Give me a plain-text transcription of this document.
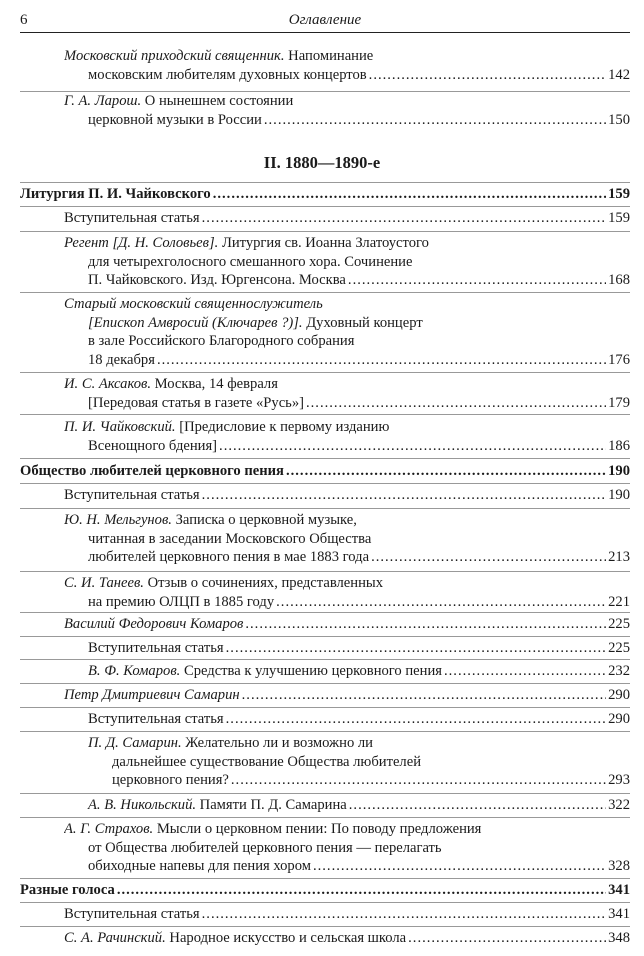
6	Оглавление
Московский приходский священник. Напоминание
московским любителям духовных концертов .....	142
Г. А. Ларош. О нынешнем состоянии
церковной музыки в России .....	150
II. 1880—1890-е
Литургия П. И. Чайковского .....	159
Вступительная статья .....	159
Регент [Д. Н. Соловьев]. Литургия св. Иоанна Златоустого
для четырехголосного смешанного хора. Сочинение
П. Чайковского. Изд. Юргенсона. Москва .....	168
Старый московский священнослужитель
[Епископ Амвросий (Ключарев ?)]. Духовный концерт
в зале Российского Благородного собрания
18 декабря .....	176
И. С. Аксаков. Москва, 14 февраля
[Передовая статья в газете «Русь»] .....	179
П. И. Чайковский. [Предисловие к первому изданию
Всенощного бдения] .....	186
Общество любителей церковного пения .....	190
Вступительная статья .....	190
Ю. Н. Мельгунов. Записка о церковной музыке,
читанная в заседании Московского Общества
любителей церковного пения в мае 1883 года .....	213
С. И. Танеев. Отзыв о сочинениях, представленных
на премию ОЛЦП в 1885 году .....	221
Василий Федорович Комаров .....	225
Вступительная статья .....	225
В. Ф. Комаров. Средства к улучшению церковного пения .....	232
Петр Дмитриевич Самарин .....	290
Вступительная статья .....	290
П. Д. Самарин. Желательно ли и возможно ли
дальнейшее существование Общества любителей
церковного пения? .....	293
А. В. Никольский. Памяти П. Д. Самарина .....	322
А. Г. Страхов. Мысли о церковном пении: По поводу предложения
от Общества любителей церковного пения — перелагать
обиходные напевы для пения хором .....	328
Разные голоса .....	341
Вступительная статья .....	341
С. А. Рачинский. Народное искусство и сельская школа .....	348
